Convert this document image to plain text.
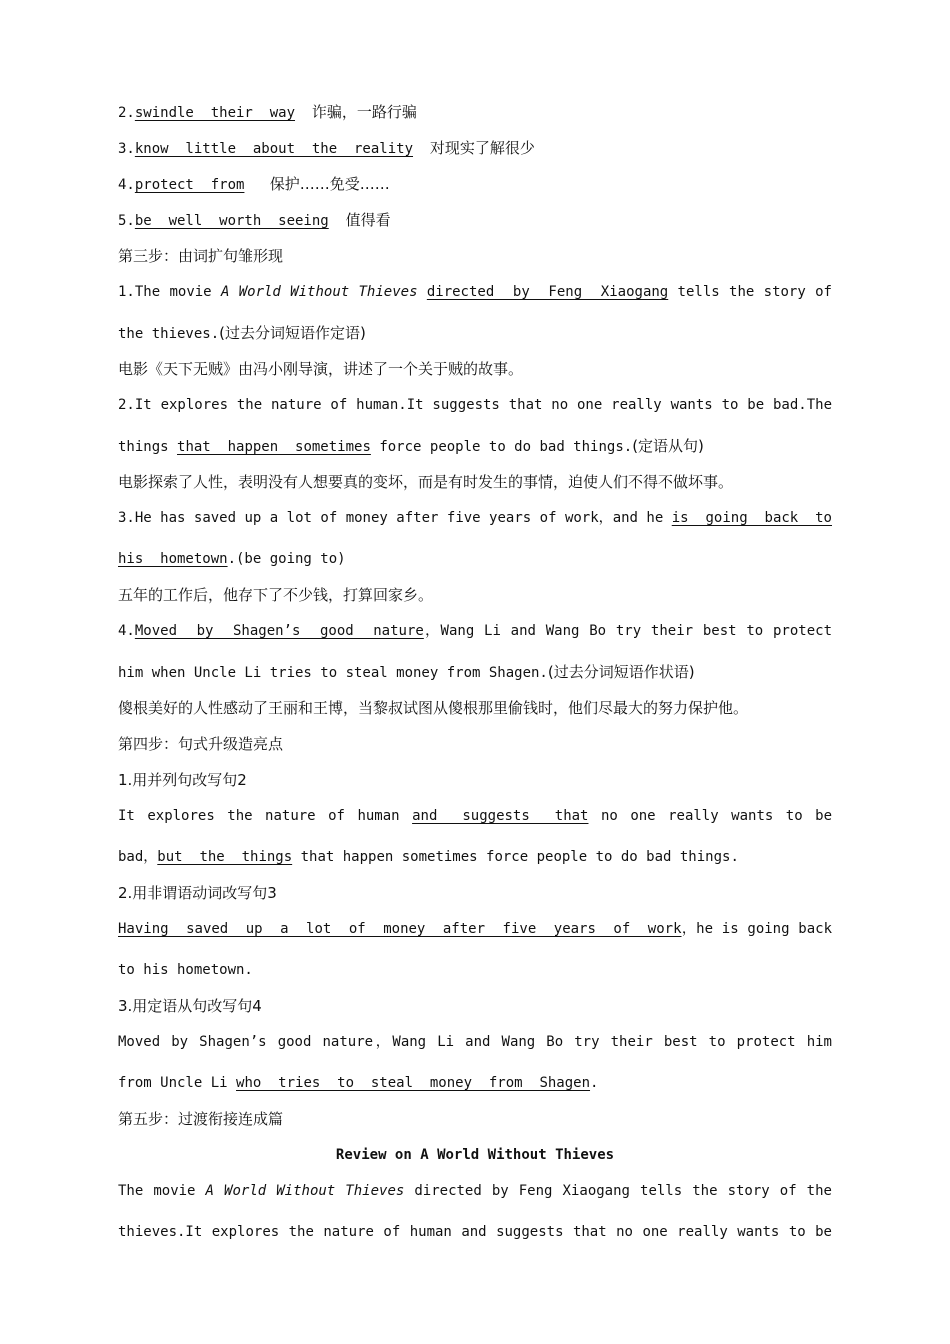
2.swindle  their  way 诈骗，一路行骗
3.know  little  about  the  reality 对现实了解很少
4.protect  from 保护……免受……
5.be  well  worth  seeing 值得看
第三步：由词扩句雏形现
1.The movie A World Without Thieves directed  by  Feng  Xiaogang tells the story of
the thieves.(过去分词短语作定语)
电影《天下无贼》由冯小刚导演，讲述了一个关于贼的故事。
2.It explores the nature of human.It suggests that no one really wants to be bad.The
things that  happen  sometimes force people to do bad things.(定语从句)
电影探索了人性，表明没有人想要真的变坏，而是有时发生的事情，迫使人们不得不做坏事。
3.He has saved up a lot of money after five years of work，and he is  going  back  to
his  hometown.(be going to)
五年的工作后，他存下了不少钱，打算回家乡。
4.Moved  by  Shagen’s  good  nature，Wang Li and Wang Bo try their best to protect
him when Uncle Li tries to steal money from Shagen.(过去分词短语作状语)
傻根美好的人性感动了王丽和王博，当黎叔试图从傻根那里偷钱时，他们尽最大的努力保护他。
第四步：句式升级造亮点
1.用并列句改写句2
It explores the nature of human and  suggests  that no one really wants to be
bad，but  the  things that happen sometimes force people to do bad things.
2.用非谓语动词改写句3
Having  saved  up  a  lot  of  money  after  five  years  of  work，he is going back
to his hometown.
3.用定语从句改写句4
Moved by Shagen’s good nature，Wang Li and Wang Bo try their best to protect him
from Uncle Li who  tries  to  steal  money  from  Shagen.
第五步：过渡衔接连成篇
Review on A World Without Thieves
The movie A World Without Thieves directed by Feng Xiaogang tells the story of the
thieves.It explores the nature of human and suggests that no one really wants to be
